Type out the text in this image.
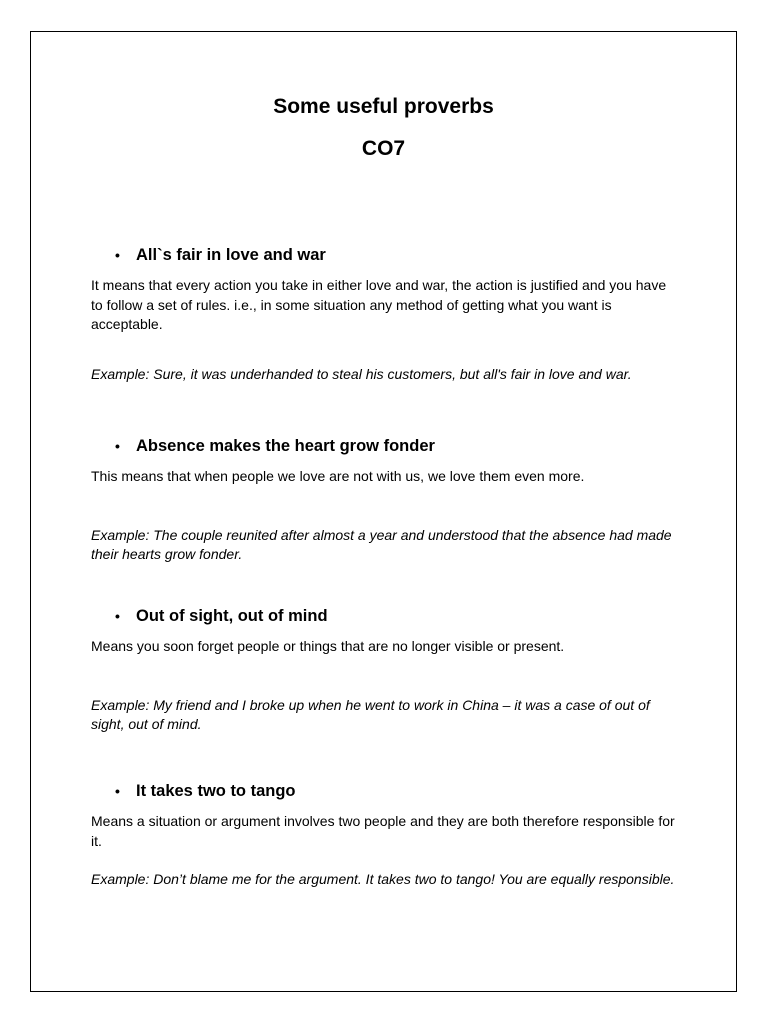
Some useful proverbs
CO7
• All`s fair in love and war

It means that every action you take in either love and war, the action is justified and you have to follow a set of rules. i.e., in some situation any method of getting what you want is acceptable.

Example: Sure, it was underhanded to steal his customers, but all's fair in love and war.

• Absence makes the heart grow fonder

This means that when people we love are not with us, we love them even more.

Example: The couple reunited after almost a year and understood that the absence had made their hearts grow fonder.

• Out of sight, out of mind

Means you soon forget people or things that are no longer visible or present.

Example: My friend and I broke up when he went to work in China – it was a case of out of sight, out of mind.

• It takes two to tango

Means a situation or argument involves two people and they are both therefore responsible for it.

Example: Don’t blame me for the argument. It takes two to tango! You are equally responsible.
